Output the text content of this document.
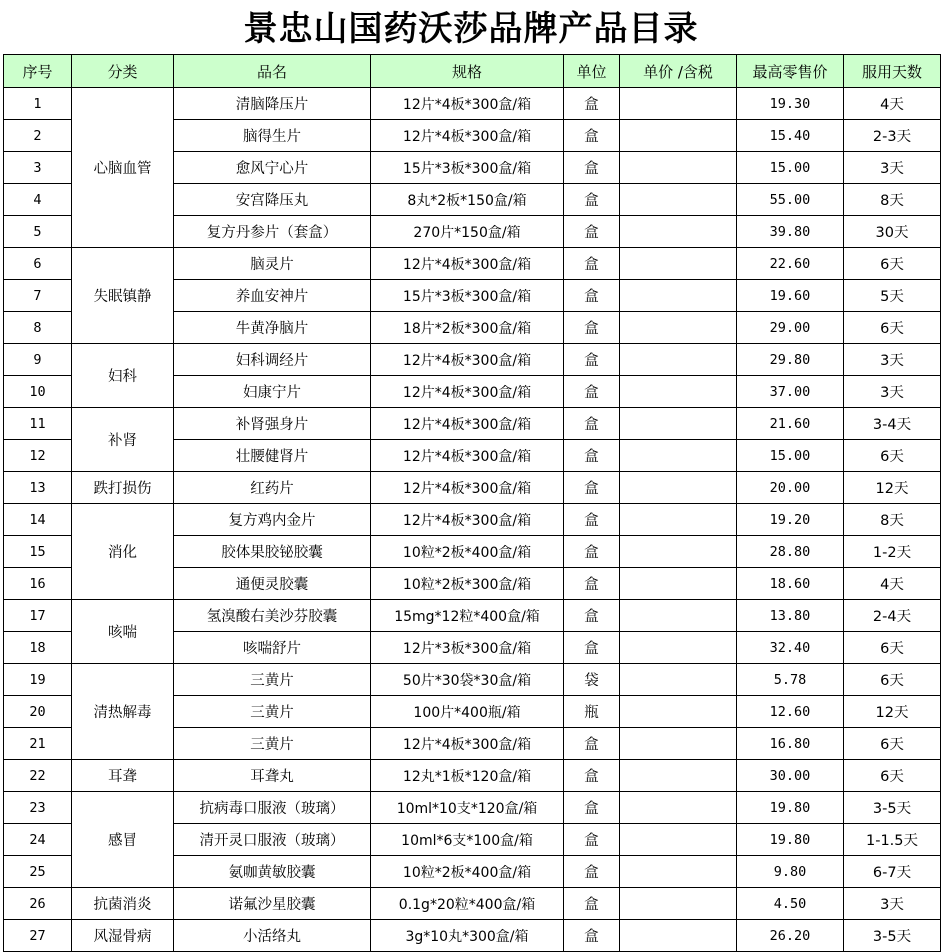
景忠山国药沃莎品牌产品目录
序号	分类	品名	规格	单位	单价 /含税	最高零售价	服用天数
1	心脑血管	清脑降压片	12片*4板*300盒/箱	盒		19.30	4天
2		脑得生片	12片*4板*300盒/箱	盒		15.40	2-3天
3		愈风宁心片	15片*3板*300盒/箱	盒		15.00	3天
4		安宫降压丸	8丸*2板*150盒/箱	盒		55.00	8天
5		复方丹参片（套盒）	270片*150盒/箱	盒		39.80	30天
6	失眠镇静	脑灵片	12片*4板*300盒/箱	盒		22.60	6天
7		养血安神片	15片*3板*300盒/箱	盒		19.60	5天
8		牛黄净脑片	18片*2板*300盒/箱	盒		29.00	6天
9	妇科	妇科调经片	12片*4板*300盒/箱	盒		29.80	3天
10		妇康宁片	12片*4板*300盒/箱	盒		37.00	3天
11	补肾	补肾强身片	12片*4板*300盒/箱	盒		21.60	3-4天
12		壮腰健肾片	12片*4板*300盒/箱	盒		15.00	6天
13	跌打损伤	红药片	12片*4板*300盒/箱	盒		20.00	12天
14	消化	复方鸡内金片	12片*4板*300盒/箱	盒		19.20	8天
15		胶体果胶铋胶囊	10粒*2板*400盒/箱	盒		28.80	1-2天
16		通便灵胶囊	10粒*2板*300盒/箱	盒		18.60	4天
17	咳喘	氢溴酸右美沙芬胶囊	15mg*12粒*400盒/箱	盒		13.80	2-4天
18		咳喘舒片	12片*3板*300盒/箱	盒		32.40	6天
19	清热解毒	三黄片	50片*30袋*30盒/箱	袋		5.78	6天
20		三黄片	100片*400瓶/箱	瓶		12.60	12天
21		三黄片	12片*4板*300盒/箱	盒		16.80	6天
22	耳聋	耳聋丸	12丸*1板*120盒/箱	盒		30.00	6天
23	感冒	抗病毒口服液（玻璃）	10ml*10支*120盒/箱	盒		19.80	3-5天
24		清开灵口服液（玻璃）	10ml*6支*100盒/箱	盒		19.80	1-1.5天
25		氨咖黄敏胶囊	10粒*2板*400盒/箱	盒		9.80	6-7天
26	抗菌消炎	诺氟沙星胶囊	0.1g*20粒*400盒/箱	盒		4.50	3天
27	风湿骨病	小活络丸	3g*10丸*300盒/箱	盒		26.20	3-5天
